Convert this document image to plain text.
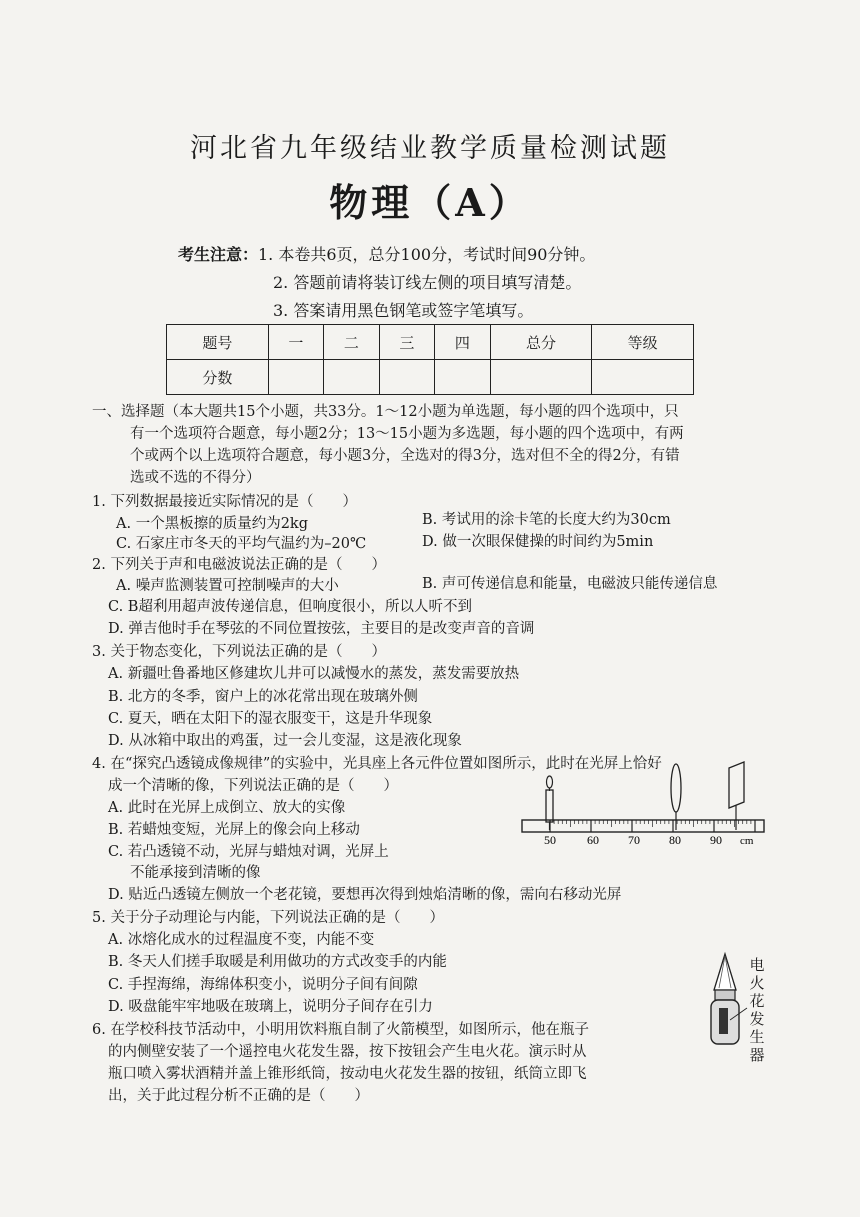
河北省九年级结业教学质量检测试题
物理（A）
考生注意： 1. 本卷共6页，总分100分，考试时间90分钟。
2. 答题前请将装订线左侧的项目填写清楚。
3. 答案请用黑色钢笔或签字笔填写。
题号	一	二	三	四	总分	等级
分数						
一、选择题（本大题共15个小题，共33分。1～12小题为单选题，每小题的四个选项中，只
有一个选项符合题意，每小题2分；13～15小题为多选题，每小题的四个选项中，有两
个或两个以上选项符合题意，每小题3分，全选对的得3分，选对但不全的得2分，有错
选或不选的不得分）
1. 下列数据最接近实际情况的是（　　）
A. 一个黑板擦的质量约为2kg	B. 考试用的涂卡笔的长度大约为30cm
C. 石家庄市冬天的平均气温约为–20℃	D. 做一次眼保健操的时间约为5min
2. 下列关于声和电磁波说法正确的是（　　）
A. 噪声监测装置可控制噪声的大小	B. 声可传递信息和能量，电磁波只能传递信息
C. B超利用超声波传递信息，但响度很小，所以人听不到
D. 弹吉他时手在琴弦的不同位置按弦，主要目的是改变声音的音调
3. 关于物态变化，下列说法正确的是（　　）
A. 新疆吐鲁番地区修建坎儿井可以减慢水的蒸发，蒸发需要放热
B. 北方的冬季，窗户上的冰花常出现在玻璃外侧
C. 夏天，晒在太阳下的湿衣服变干，这是升华现象
D. 从冰箱中取出的鸡蛋，过一会儿变湿，这是液化现象
4. 在“探究凸透镜成像规律”的实验中，光具座上各元件位置如图所示，此时在光屏上恰好
成一个清晰的像，下列说法正确的是（　　）
A. 此时在光屏上成倒立、放大的实像
B. 若蜡烛变短，光屏上的像会向上移动
C. 若凸透镜不动，光屏与蜡烛对调，光屏上
不能承接到清晰的像
D. 贴近凸透镜左侧放一个老花镜，要想再次得到烛焰清晰的像，需向右移动光屏
50	60 70 80 90 cm
5. 关于分子动理论与内能，下列说法正确的是（　　）
A. 冰熔化成水的过程温度不变，内能不变
B. 冬天人们搓手取暖是利用做功的方式改变手的内能
C. 手捏海绵，海绵体积变小，说明分子间有间隙
D. 吸盘能牢牢地吸在玻璃上，说明分子间存在引力
6. 在学校科技节活动中，小明用饮料瓶自制了火箭模型，如图所示，他在瓶子
的内侧壁安装了一个遥控电火花发生器，按下按钮会产生电火花。演示时从
瓶口喷入雾状酒精并盖上锥形纸筒，按动电火花发生器的按钮，纸筒立即飞
出，关于此过程分析不正确的是（　　）
电火花发生器
